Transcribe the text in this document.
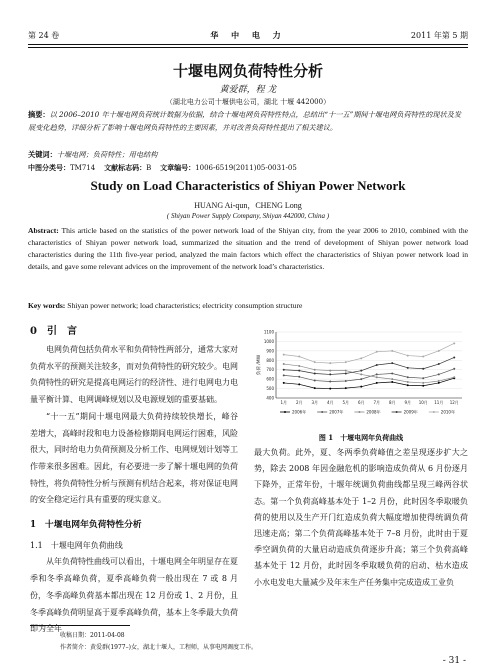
第 24 卷	华 中 电 力	2011 年第 5 期
十堰电网负荷特性分析
黄爱群，程 龙
（湖北电力公司十堰供电公司，湖北 十堰 442000）
摘要：以 2006–2010 年十堰电网负荷统计数据为依据，结合十堰电网负荷特性特点，总结出“十一五”期间十堰电网负荷特性的现状及发展变化趋势，详细分析了影响十堰电网负荷特性的主要因素，并对改善负荷特性提出了相关建议。
关键词：十堰电网；负荷特性；用电结构
中图分类号：TM714 文献标志码：B 文章编号：1006-6519(2011)05-0031-05
Study on Load Characteristics of Shiyan Power Network
HUANG Ai-qun，CHENG Long
( Shiyan Power Supply Company, Shiyan 442000, China )
Abstract: This article based on the statistics of the power network load of the Shiyan city, from the year 2006 to 2010, combined with the characteristics of Shiyan power network load, summarized the situation and the trend of development of Shiyan power network load characteristics during the 11th five-year period, analyzed the main factors which effect the characteristics of Shiyan power network load in details, and gave some relevant advices on the improvement of the network load’s characteristics.
Key words: Shiyan power network; load characteristics; electricity consumption structure
0　引　言

电网负荷包括负荷水平和负荷特性两部分，通常大家对负荷水平的预测关注较多，而对负荷特性的研究较少。电网负荷特性的研究是提高电网运行的经济性、进行电网电力电量平衡计算、电网调峰规划以及电源规划的重要基础。

“十一五”期间十堰电网最大负荷持续较快增长，峰谷差增大，高峰时段和电力设备检修期间电网运行困难，风险很大，同时给电力负荷预测及分析工作、电网规划计划等工作带来很多困难。因此，有必要进一步了解十堰电网的负荷特性，将负荷特性分析与预测有机结合起来，将对保证电网的安全稳定运行具有重要的现实意义。

1　十堰电网年负荷特性分析
1.1　十堰电网年负荷曲线

从年负荷特性曲线可以看出，十堰电网全年明显存在夏季和冬季高峰负荷，夏季高峰负荷一般出现在 7 或 8 月份，冬季高峰负荷基本都出现在 12 月份或 1、2 月份，且冬季高峰负荷明显高于夏季高峰负荷，基本上冬季最大负荷即为全年

400
500
600
700
800
900
1000
1100
负荷 /MW
1月 2月 3月 4月 5月 6月 7月 8月 9月 10月 11月 12月
2006年	2007年	2008年	2009年	2010年
图 1　十堰电网年负荷曲线

最大负荷。此外，夏、冬两季负荷峰值之差呈现逐步扩大之势，除去 2008 年因金融危机的影响造成负荷从 6 月份逐月下降外，正常年份，十堰年统调负荷曲线都呈现三峰两谷状态。第一个负荷高峰基本处于 1–2 月份，此时因冬季取暖负荷的使用以及生产开门红造成负荷大幅度增加使得统调负荷迅速走高；第二个负荷高峰基本处于 7–8 月份，此时由于夏季空调负荷的大量启动造成负荷逐步升高；第三个负荷高峰基本处于 12 月份，此时因冬季取暖负荷的启动、枯水造成小水电发电大量减少及年末生产任务集中完成造成工业负

收稿日期：2011-04-08
作者简介：黄爱群(1977–)女，湖北十堰人，工程师，从事电网调度工作。
- 31 -
